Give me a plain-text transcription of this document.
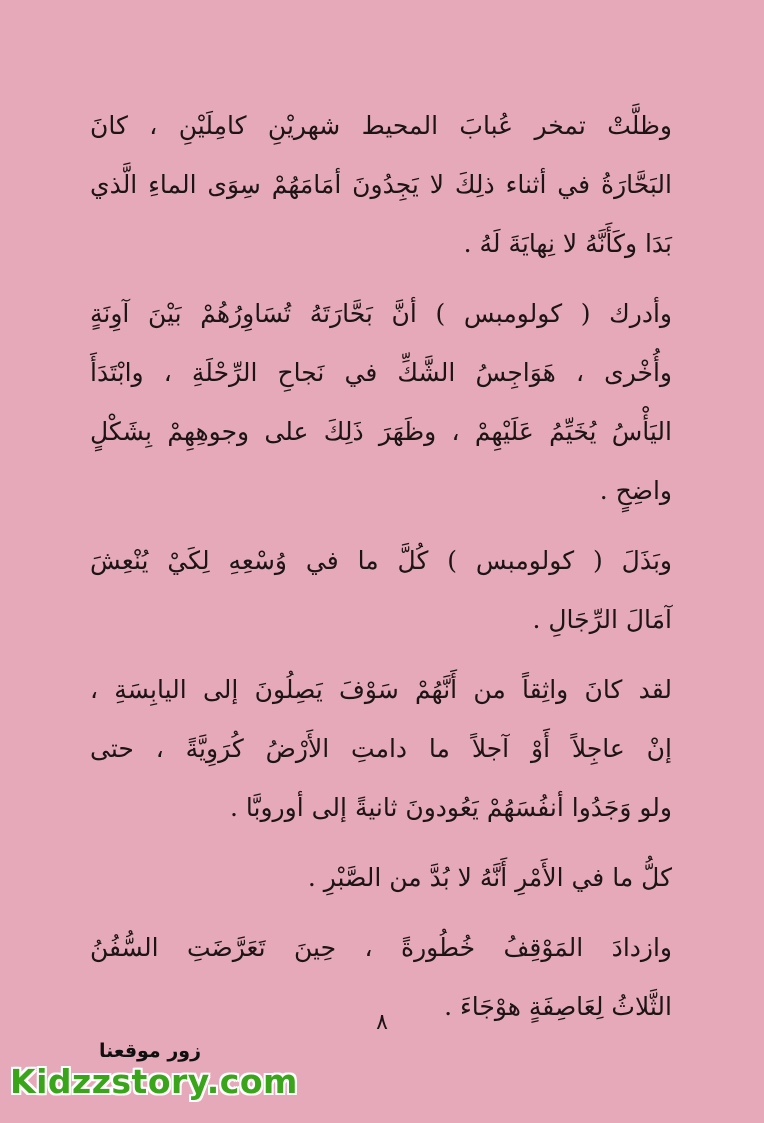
وظلَّتْ تمخر عُبابَ المحيط شهريْنِ كامِلَيْنِ ، كانَ
البَحَّارَةُ في أثناء ذلِكَ لا يَجِدُونَ أمَامَهُمْ سِوَى الماءِ الَّذي
بَدَا وكَأَنَّهُ لا نِهايَةَ لَهُ .

وأدرك ( كولومبس ) أنَّ بَحَّارَتَهُ تُسَاوِرُهُمْ بَيْنَ آوِنَةٍ
وأُخْرى ، هَوَاجِسُ الشَّكِّ في نَجاحِ الرِّحْلَةِ ، وابْتَدَأَ
اليَأْسُ يُخَيِّمُ عَلَيْهِمْ ، وظَهَرَ ذَلِكَ على وجوهِهِمْ بِشَكْلٍ
واضِحٍ .

وبَذَلَ ( كولومبس ) كُلَّ ما في وُسْعِهِ لِكَيْ يُنْعِشَ
آمَالَ الرِّجَالِ .

لقد كانَ واثِقاً من أَنَّهُمْ سَوْفَ يَصِلُونَ إلى اليابِسَةِ ،
إنْ عاجِلاً أَوْ آجلاً ما دامتِ الأَرْضُ كُرَوِيَّةً ، حتى
ولو وَجَدُوا أنفُسَهُمْ يَعُودونَ ثانيةً إلى أوروبَّا .

كلُّ ما في الأَمْرِ أَنَّهُ لا بُدَّ من الصَّبْرِ .

وازدادَ المَوْقِفُ خُطُورةً ، حِينَ تَعَرَّضَتِ السُّفُنُ
الثَّلاثُ لِعَاصِفَةٍ هوْجَاءَ .

٨
زور موقعنا
Kidzzstory.com
